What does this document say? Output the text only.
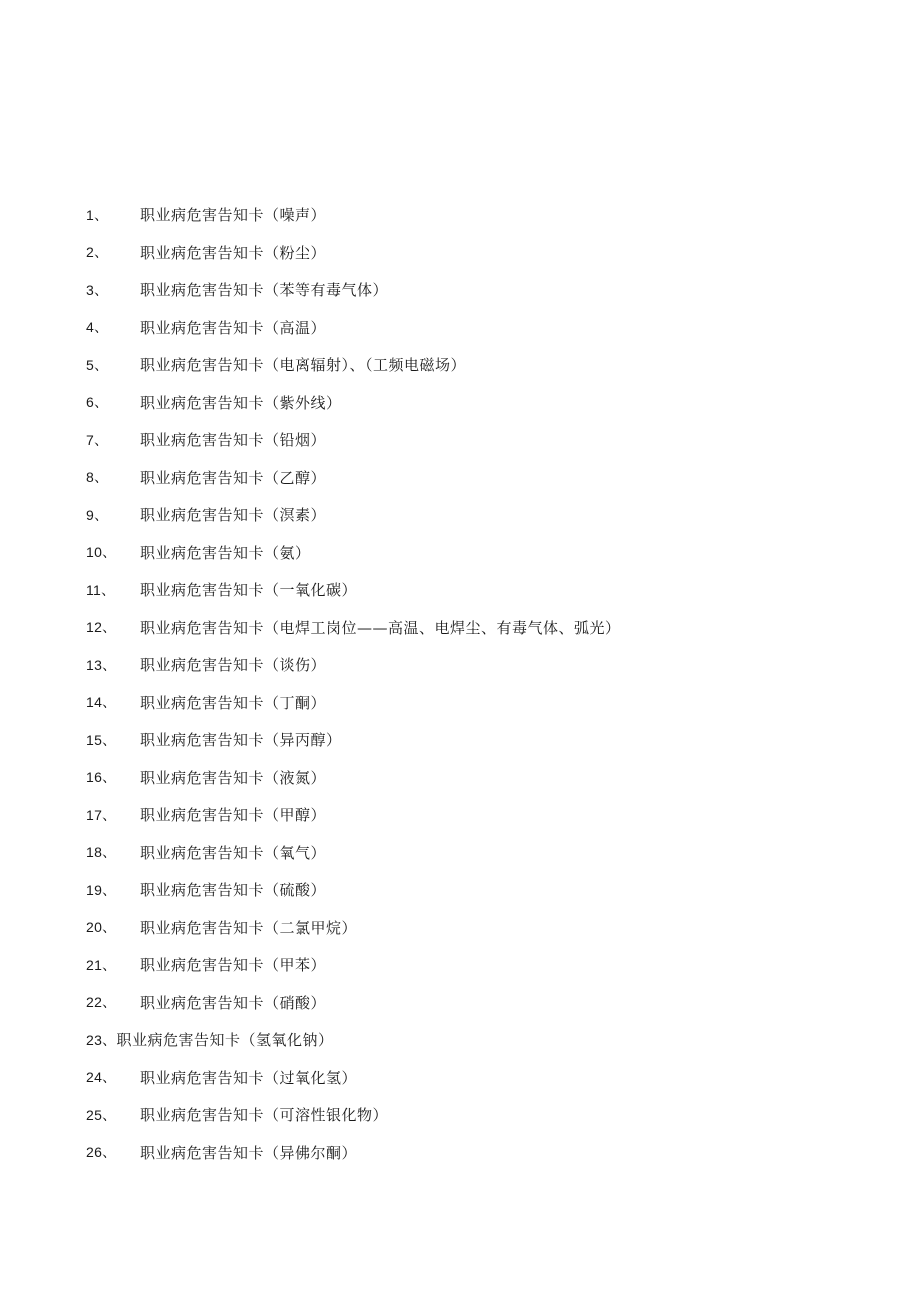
1、	职业病危害告知卡（噪声）
2、	职业病危害告知卡（粉尘）
3、	职业病危害告知卡（苯等有毒气体）
4、	职业病危害告知卡（高温）
5、	职业病危害告知卡（电离辐射）、（工频电磁场）
6、	职业病危害告知卡（紫外线）
7、	职业病危害告知卡（铅烟）
8、	职业病危害告知卡（乙醇）
9、	职业病危害告知卡（溟素）
10、	职业病危害告知卡（氨）
11、	职业病危害告知卡（一氧化碳）
12、	职业病危害告知卡（电焊工岗位——高温、电焊尘、有毒气体、弧光）
13、	职业病危害告知卡（谈伤）
14、	职业病危害告知卡（丁酮）
15、	职业病危害告知卡（异丙醇）
16、	职业病危害告知卡（液氮）
17、	职业病危害告知卡（甲醇）
18、	职业病危害告知卡（氧气）
19、	职业病危害告知卡（硫酸）
20、	职业病危害告知卡（二氯甲烷）
21、	职业病危害告知卡（甲苯）
22、	职业病危害告知卡（硝酸）
23、 职业病危害告知卡（氢氧化钠）
24、	职业病危害告知卡（过氧化氢）
25、	职业病危害告知卡（可溶性银化物）
26、	职业病危害告知卡（异佛尔酮）
